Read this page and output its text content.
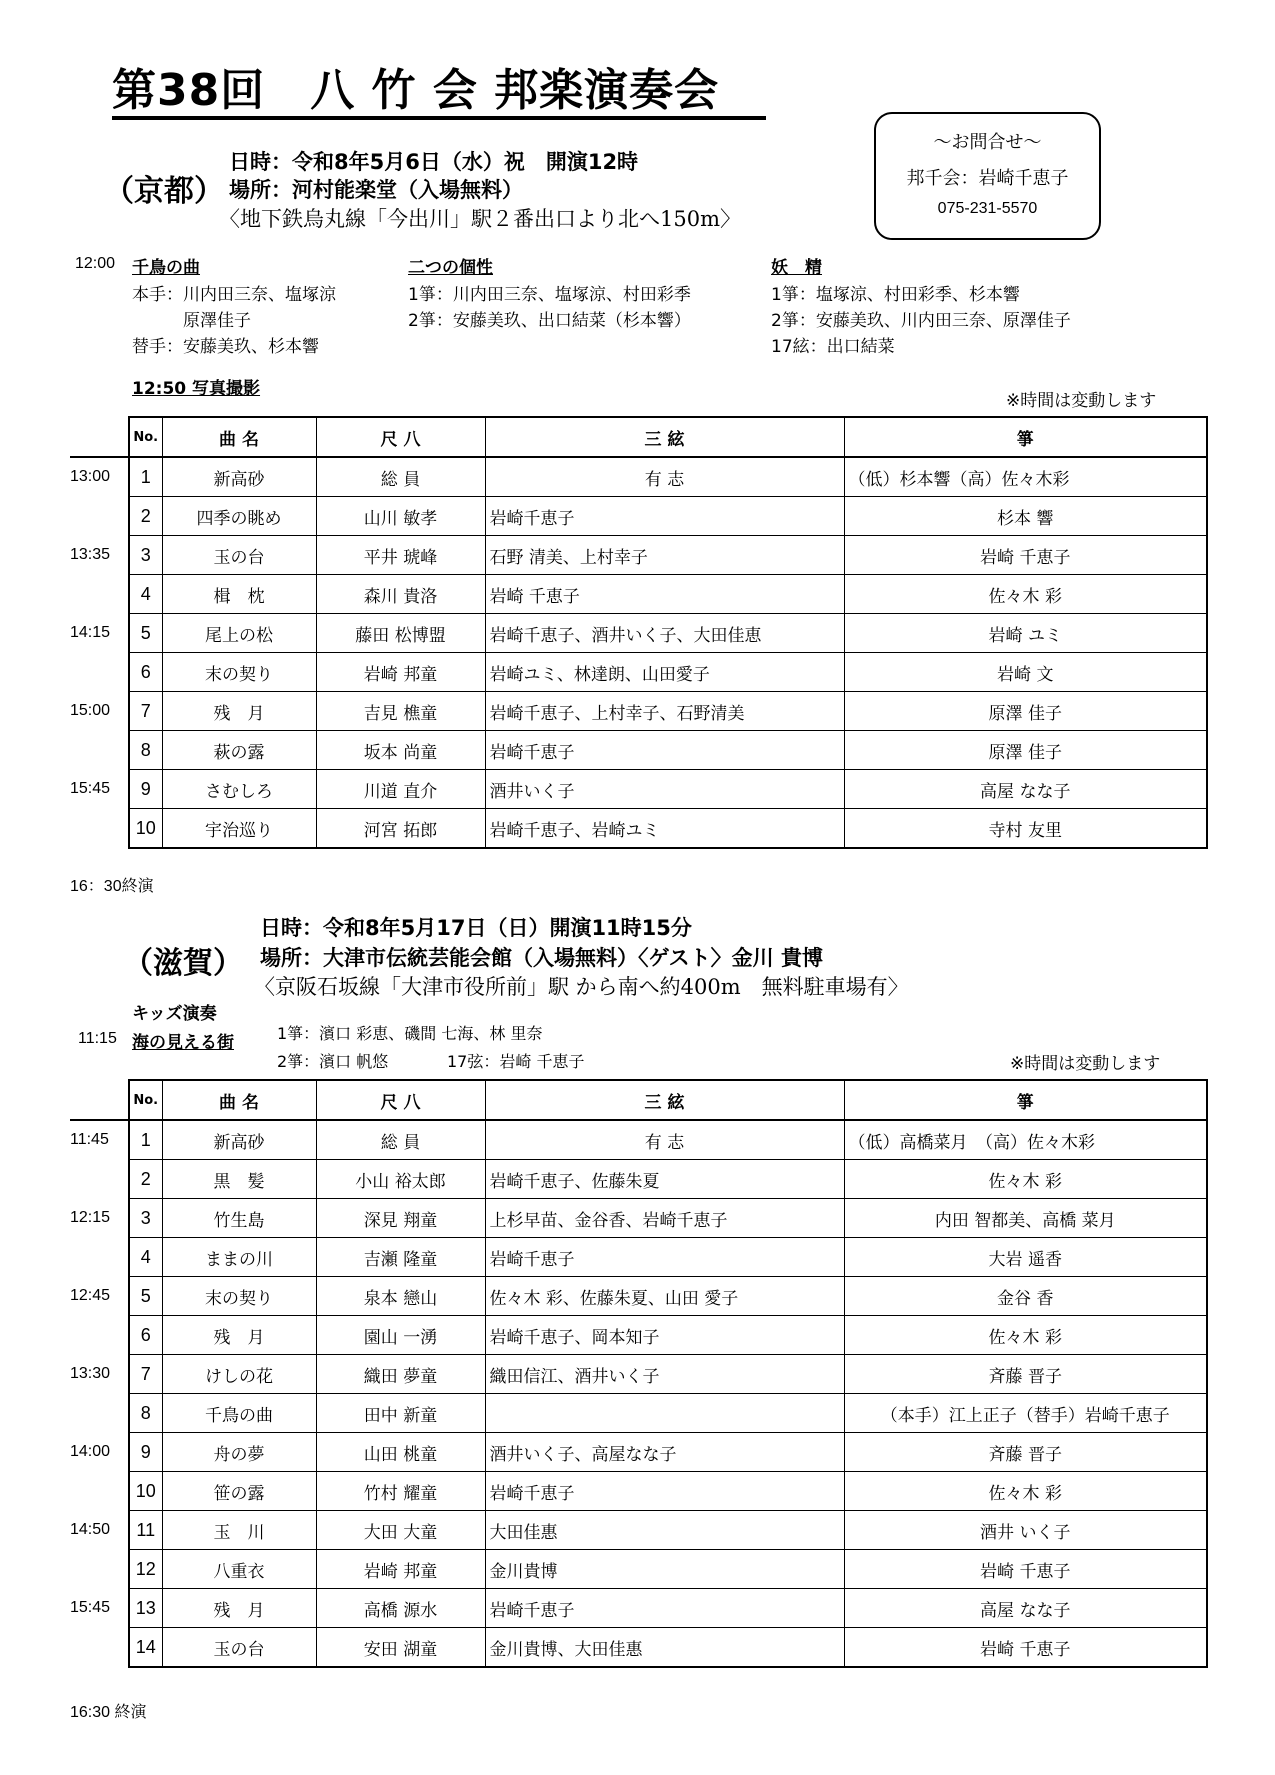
第38回　八 竹 会 邦楽演奏会
～お問合せ～
邦千会：岩崎千恵子
075-231-5570
（京都）
日時：令和8年5月6日（水）祝　開演12時
場所：河村能楽堂（入場無料）
〈地下鉄烏丸線「今出川」駅２番出口より北へ150m〉
12:00 千鳥の曲
本手：川内田三奈、塩塚涼
　　　原澤佳子
替手：安藤美玖、杉本響
二つの個性
1箏：川内田三奈、塩塚涼、村田彩季
2箏：安藤美玖、出口結菜（杉本響）
妖　精
1箏：塩塚涼、村田彩季、杉本響
2箏：安藤美玖、川内田三奈、原澤佳子
17絃：出口結菜
12:50 写真撮影
※時間は変動します
	No.	曲 名	尺 八	三 絃	箏
13:00	1	新高砂	総 員	有 志	（低）杉本響（高）佐々木彩
	2	四季の眺め	山川 敏孝	岩崎千恵子	杉本 響
13:35	3	玉の台	平井 琥峰	石野 清美、上村幸子	岩崎 千恵子
	4	楫　枕	森川 貴洛	岩崎 千恵子	佐々木 彩
14:15	5	尾上の松	藤田 松博盟	岩崎千恵子、酒井いく子、大田佳恵	岩崎 ユミ
	6	末の契り	岩崎 邦童	岩崎ユミ、林達朗、山田愛子	岩崎 文
15:00	7	残　月	吉見 樵童	岩崎千恵子、上村幸子、石野清美	原澤 佳子
	8	萩の露	坂本 尚童	岩崎千恵子	原澤 佳子
15:45	9	さむしろ	川道 直介	酒井いく子	高屋 なな子
	10	宇治巡り	河宮 拓郎	岩崎千恵子、岩崎ユミ	寺村 友里
16：30終演
（滋賀）
日時：令和8年5月17日（日）開演11時15分
場所：大津市伝統芸能会館（入場無料）〈ゲスト〉金川 貴博
〈京阪石坂線「大津市役所前」駅 から南へ約400m　無料駐車場有〉
キッズ演奏
11:15 海の見える街	1箏：濱口 彩恵、磯間 七海、林 里奈
2箏：濱口 帆悠	17弦：岩崎 千恵子	※時間は変動します
	No.	曲 名	尺 八	三 絃	箏
11:45	1	新高砂	総 員	有 志	（低）高橋菜月　（高）佐々木彩
	2	黒　髪	小山 裕太郎	岩崎千恵子、佐藤朱夏	佐々木 彩
12:15	3	竹生島	深見 翔童	上杉早苗、金谷香、岩崎千恵子	内田 智都美、高橋 菜月
	4	ままの川	吉瀬 隆童	岩崎千恵子	大岩 遥香
12:45	5	末の契り	泉本 戀山	佐々木 彩、佐藤朱夏、山田 愛子	金谷 香
	6	残　月	園山 一湧	岩崎千恵子、岡本知子	佐々木 彩
13:30	7	けしの花	織田 夢童	織田信江、酒井いく子	斉藤 晋子
	8	千鳥の曲	田中 新童		（本手）江上正子（替手）岩崎千恵子
14:00	9	舟の夢	山田 桃童	酒井いく子、高屋なな子	斉藤 晋子
	10	笹の露	竹村 耀童	岩崎千恵子	佐々木 彩
14:50	11	玉　川	大田 大童	大田佳惠	酒井 いく子
	12	八重衣	岩崎 邦童	金川貴博	岩崎 千恵子
15:45	13	残　月	高橋 源水	岩崎千恵子	高屋 なな子
	14	玉の台	安田 湖童	金川貴博、大田佳惠	岩崎 千恵子
16:30 終演
